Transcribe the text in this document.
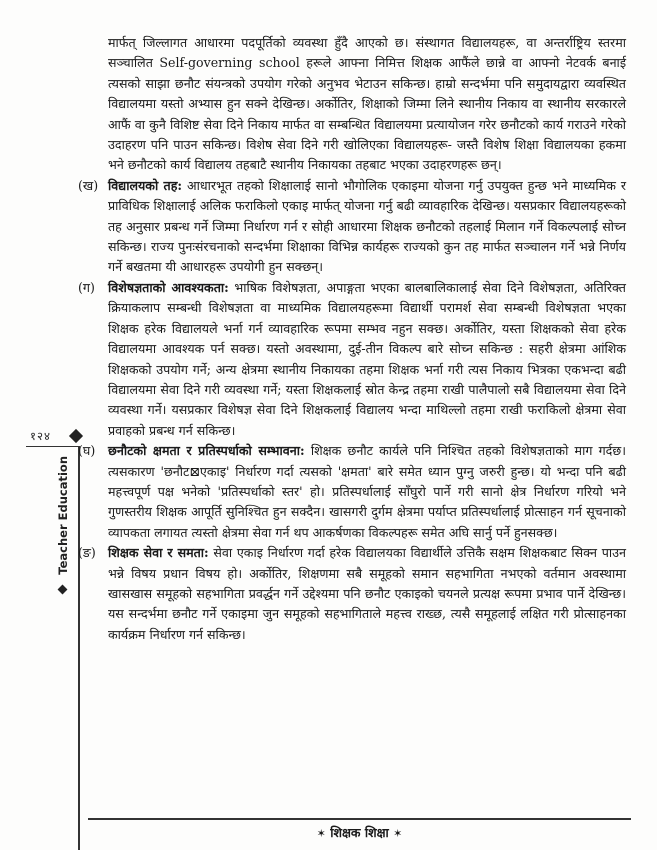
१२४
Teacher Education

मार्फत् जिल्लागत आधारमा पदपूर्तिको व्यवस्था हुँदै आएको छ। संस्थागत विद्यालयहरू, वा अन्तर्राष्ट्रिय स्तरमा सञ्चालित Self-governing school हरूले आफ्ना निमित्त शिक्षक आफैंले छान्ने वा आफ्नो नेटवर्क बनाई त्यसको साझा छनौट संयन्त्रको उपयोग गरेको अनुभव भेटाउन सकिन्छ। हाम्रो सन्दर्भमा पनि समुदायद्वारा व्यवस्थित विद्यालयमा यस्तो अभ्यास हुन सक्ने देखिन्छ। अर्कोतिर, शिक्षाको जिम्मा लिने स्थानीय निकाय वा स्थानीय सरकारले आफैं वा कुनै विशिष्ट सेवा दिने निकाय मार्फत वा सम्बन्धित विद्यालयमा प्रत्यायोजन गरेर छनौटको कार्य गराउने गरेको उदाहरण पनि पाउन सकिन्छ। विशेष सेवा दिने गरी खोलिएका विद्यालयहरू- जस्तै विशेष शिक्षा विद्यालयका हकमा भने छनौटको कार्य विद्यालय तहबाटै स्थानीय निकायका तहबाट भएका उदाहरणहरू छन्।

(ख) विद्यालयको तह: आधारभूत तहको शिक्षालाई सानो भौगोलिक एकाइमा योजना गर्नु उपयुक्त हुन्छ भने माध्यमिक र प्राविधिक शिक्षालाई अलिक फराकिलो एकाइ मार्फत् योजना गर्नु बढी व्यावहारिक देखिन्छ। यसप्रकार विद्यालयहरूको तह अनुसार प्रबन्ध गर्ने जिम्मा निर्धारण गर्न र सोही आधारमा शिक्षक छनौटको तहलाई मिलान गर्ने विकल्पलाई सोच्न सकिन्छ। राज्य पुनःसंरचनाको सन्दर्भमा शिक्षाका विभिन्न कार्यहरू राज्यको कुन तह मार्फत सञ्चालन गर्ने भन्ने निर्णय गर्ने बखतमा यी आधारहरू उपयोगी हुन सक्छन्।
(ग) विशेषज्ञताको आवश्यकता: भाषिक विशेषज्ञता, अपाङ्गता भएका बालबालिकालाई सेवा दिने विशेषज्ञता, अतिरिक्त क्रियाकलाप सम्बन्धी विशेषज्ञता वा माध्यमिक विद्यालयहरूमा विद्यार्थी परामर्श सेवा सम्बन्धी विशेषज्ञता भएका शिक्षक हरेक विद्यालयले भर्ना गर्न व्यावहारिक रूपमा सम्भव नहुन सक्छ। अर्कोतिर, यस्ता शिक्षकको सेवा हरेक विद्यालयमा आवश्यक पर्न सक्छ। यस्तो अवस्थामा, दुई-तीन विकल्प बारे सोच्न सकिन्छ : सहरी क्षेत्रमा आंशिक शिक्षकको उपयोग गर्ने; अन्य क्षेत्रमा स्थानीय निकायका तहमा शिक्षक भर्ना गरी त्यस निकाय भित्रका एकभन्दा बढी विद्यालयमा सेवा दिने गरी व्यवस्था गर्ने; यस्ता शिक्षकलाई स्रोत केन्द्र तहमा राखी पालैपालो सबै विद्यालयमा सेवा दिने व्यवस्था गर्ने। यसप्रकार विशेषज्ञ सेवा दिने शिक्षकलाई विद्यालय भन्दा माथिल्लो तहमा राखी फराकिलो क्षेत्रमा सेवा प्रवाहको प्रबन्ध गर्न सकिन्छ।
(घ) छनौटको क्षमता र प्रतिस्पर्धाको सम्भावना: शिक्षक छनौट कार्यले पनि निश्चित तहको विशेषज्ञताको माग गर्दछ। त्यसकारण 'छनौट⊠एकाइ' निर्धारण गर्दा त्यसको 'क्षमता' बारे समेत ध्यान पुग्नु जरुरी हुन्छ। यो भन्दा पनि बढी महत्त्वपूर्ण पक्ष भनेको 'प्रतिस्पर्धाको स्तर' हो। प्रतिस्पर्धालाई साँघुरो पार्ने गरी सानो क्षेत्र निर्धारण गरियो भने गुणस्तरीय शिक्षक आपूर्ति सुनिश्चित हुन सक्दैन। खासगरी दुर्गम क्षेत्रमा पर्याप्त प्रतिस्पर्धालाई प्रोत्साहन गर्न सूचनाको व्यापकता लगायत त्यस्तो क्षेत्रमा सेवा गर्न थप आकर्षणका विकल्पहरू समेत अघि सार्नु पर्ने हुनसक्छ।
(ङ) शिक्षक सेवा र समता: सेवा एकाइ निर्धारण गर्दा हरेक विद्यालयका विद्यार्थीले उत्तिकै सक्षम शिक्षकबाट सिक्न पाउन भन्ने विषय प्रधान विषय हो। अर्कोतिर, शिक्षणमा सबै समूहको समान सहभागिता नभएको वर्तमान अवस्थामा खासखास समूहको सहभागिता प्रवर्द्धन गर्ने उद्देश्यमा पनि छनौट एकाइको चयनले प्रत्यक्ष रूपमा प्रभाव पार्ने देखिन्छ। यस सन्दर्भमा छनौट गर्ने एकाइमा जुन समूहको सहभागिताले महत्त्व राख्छ, त्यसै समूहलाई लक्षित गरी प्रोत्साहनका कार्यक्रम निर्धारण गर्न सकिन्छ।
✶ शिक्षक शिक्षा ✶
